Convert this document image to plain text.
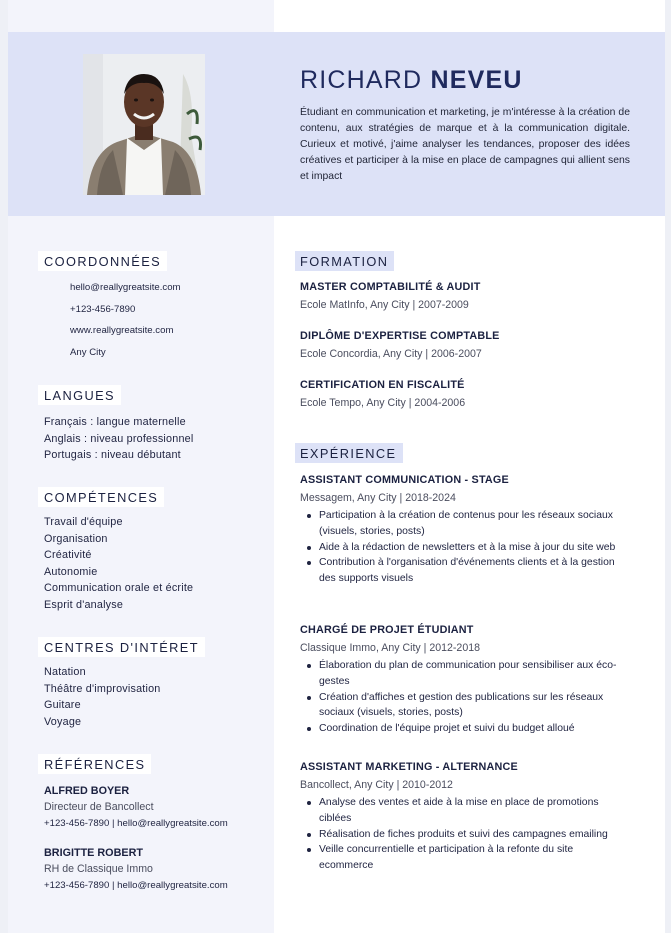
RICHARD NEVEU

Étudiant en communication et marketing, je m'intéresse à la création de contenu, aux stratégies de marque et à la communication digitale. Curieux et motivé, j'aime analyser les tendances, proposer des idées créatives et participer à la mise en place de campagnes qui allient sens et impact

COORDONNÉES
hello@reallygreatsite.com
+123-456-7890
www.reallygreatsite.com
Any City
LANGUES
Français : langue maternelle
Anglais : niveau professionnel
Portugais : niveau débutant
COMPÉTENCES
Travail d'équipe
Organisation
Créativité
Autonomie
Communication orale et écrite
Esprit d'analyse
CENTRES D'INTÉRET
Natation
Théâtre d'improvisation
Guitare
Voyage
RÉFÉRENCES
ALFRED BOYER
Directeur de Bancollect
+123-456-7890 | hello@reallygreatsite.com
BRIGITTE ROBERT
RH de Classique Immo
+123-456-7890 | hello@reallygreatsite.com
FORMATION
MASTER COMPTABILITÉ & AUDIT
Ecole MatInfo, Any City | 2007-2009
DIPLÔME D'EXPERTISE COMPTABLE
Ecole Concordia, Any City | 2006-2007
CERTIFICATION EN FISCALITÉ
Ecole Tempo, Any City | 2004-2006
EXPÉRIENCE
ASSISTANT COMMUNICATION - STAGE
Messagem, Any City | 2018-2024
Participation à la création de contenus pour les réseaux sociaux (visuels, stories, posts)
Aide à la rédaction de newsletters et à la mise à jour du site web
Contribution à l'organisation d'événements clients et à la gestion des supports visuels
CHARGÉ DE PROJET ÉTUDIANT
Classique Immo, Any City | 2012-2018
Élaboration du plan de communication pour sensibiliser aux éco-gestes
Création d'affiches et gestion des publications sur les réseaux sociaux (visuels, stories, posts)
Coordination de l'équipe projet et suivi du budget alloué
ASSISTANT MARKETING - ALTERNANCE
Bancollect, Any City | 2010-2012
Analyse des ventes et aide à la mise en place de promotions ciblées
Réalisation de fiches produits et suivi des campagnes emailing
Veille concurrentielle et participation à la refonte du site ecommerce
